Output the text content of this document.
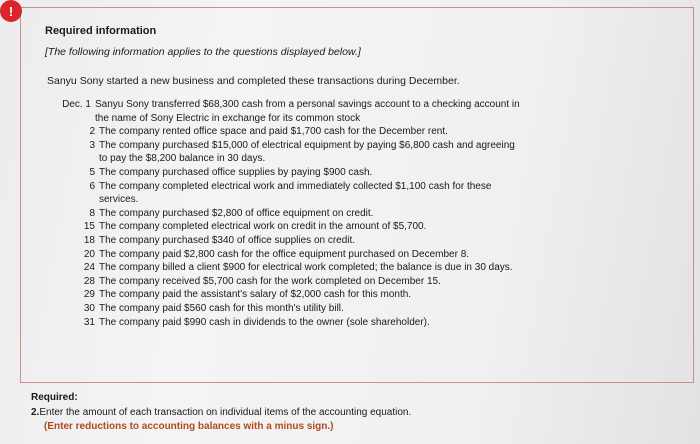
!
Required information
[The following information applies to the questions displayed below.]
Sanyu Sony started a new business and completed these transactions during December.
Dec. 1 Sanyu Sony transferred $68,300 cash from a personal savings account to a checking account in the name of Sony Electric in exchange for its common stock
2 The company rented office space and paid $1,700 cash for the December rent.
3 The company purchased $15,000 of electrical equipment by paying $6,800 cash and agreeing to pay the $8,200 balance in 30 days.
5 The company purchased office supplies by paying $900 cash.
6 The company completed electrical work and immediately collected $1,100 cash for these services.
8 The company purchased $2,800 of office equipment on credit.
15 The company completed electrical work on credit in the amount of $5,700.
18 The company purchased $340 of office supplies on credit.
20 The company paid $2,800 cash for the office equipment purchased on December 8.
24 The company billed a client $900 for electrical work completed; the balance is due in 30 days.
28 The company received $5,700 cash for the work completed on December 15.
29 The company paid the assistant's salary of $2,000 cash for this month.
30 The company paid $560 cash for this month's utility bill.
31 The company paid $990 cash in dividends to the owner (sole shareholder).
Required:
2.Enter the amount of each transaction on individual items of the accounting equation.
(Enter reductions to accounting balances with a minus sign.)
